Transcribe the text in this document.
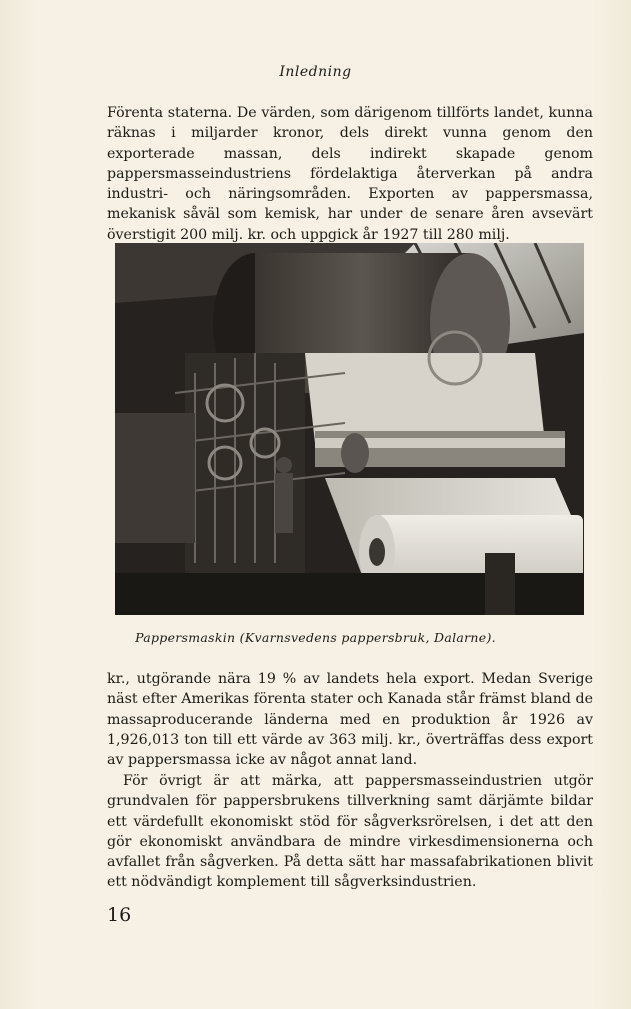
Inledning

Förenta staterna. De värden, som därigenom tillförts landet, kunna räknas i miljarder kronor, dels direkt vunna genom den exporterade massan, dels indirekt skapade genom pappersmasseindustriens fördelaktiga återverkan på andra industri- och näringsområden. Exporten av pappersmassa, mekanisk såväl som kemisk, har under de senare åren avsevärt överstigit 200 milj. kr. och uppgick år 1927 till 280 milj.

Pappersmaskin (Kvarnsvedens pappersbruk, Dalarne).

kr., utgörande nära 19 % av landets hela export. Medan Sverige näst efter Amerikas förenta stater och Kanada står främst bland de massaproducerande länderna med en produktion år 1926 av 1,926,013 ton till ett värde av 363 milj. kr., överträffas dess export av pappersmassa icke av något annat land.

För övrigt är att märka, att pappersmasseindustrien utgör grundvalen för pappersbrukens tillverkning samt därjämte bildar ett värdefullt ekonomiskt stöd för sågverksrörelsen, i det att den gör ekonomiskt användbara de mindre virkesdimensionerna och avfallet från sågverken. På detta sätt har massafabrikationen blivit ett nödvändigt komplement till sågverksindustrien.

16
